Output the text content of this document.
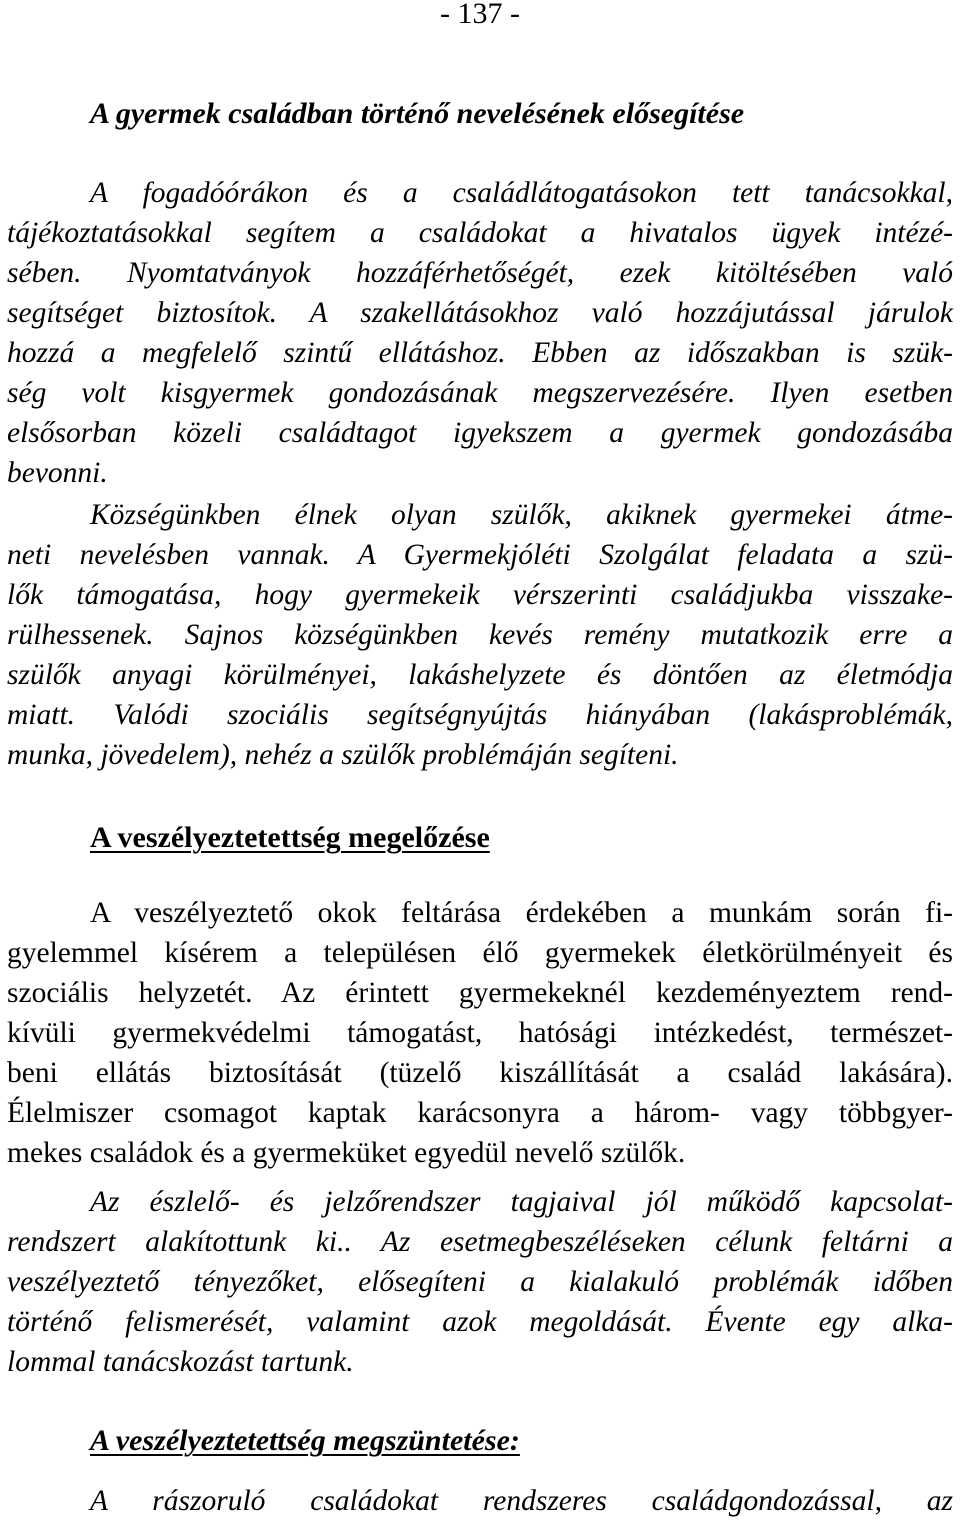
- 137 -
A gyermek családban történő nevelésének elősegítése
A fogadóórákon és a családlátogatásokon tett tanácsokkal,
tájékoztatásokkal segítem a családokat a hivatalos ügyek intézé-
sében. Nyomtatványok hozzáférhetőségét, ezek kitöltésében való
segítséget biztosítok. A szakellátásokhoz való hozzájutással járulok
hozzá a megfelelő szintű ellátáshoz. Ebben az időszakban is szük-
ség volt kisgyermek gondozásának megszervezésére. Ilyen esetben
elsősorban közeli családtagot igyekszem a gyermek gondozásába
bevonni.
Községünkben élnek olyan szülők, akiknek gyermekei átme-
neti nevelésben vannak. A Gyermekjóléti Szolgálat feladata a szü-
lők támogatása, hogy gyermekeik vérszerinti családjukba visszake-
rülhessenek. Sajnos községünkben kevés remény mutatkozik erre a
szülők anyagi körülményei, lakáshelyzete és döntően az életmódja
miatt. Valódi szociális segítségnyújtás hiányában (lakásproblémák,
munka, jövedelem), nehéz a szülők problémáján segíteni.
A veszélyeztetettség megelőzése
A veszélyeztető okok feltárása érdekében a munkám során fi-
gyelemmel kísérem a településen élő gyermekek életkörülményeit és
szociális helyzetét. Az érintett gyermekeknél kezdeményeztem rend-
kívüli gyermekvédelmi támogatást, hatósági intézkedést, természet-
beni ellátás biztosítását (tüzelő kiszállítását a család lakására).
Élelmiszer csomagot kaptak karácsonyra a három- vagy többgyer-
mekes családok és a gyermeküket egyedül nevelő szülők.
Az észlelő- és jelzőrendszer tagjaival jól működő kapcsolat-
rendszert alakítottunk ki.. Az esetmegbeszéléseken célunk feltárni a
veszélyeztető tényezőket, elősegíteni a kialakuló problémák időben
történő felismerését, valamint azok megoldását. Évente egy alka-
lommal tanácskozást tartunk.
A veszélyeztetettség megszüntetése:
A rászoruló családokat rendszeres családgondozással, az
